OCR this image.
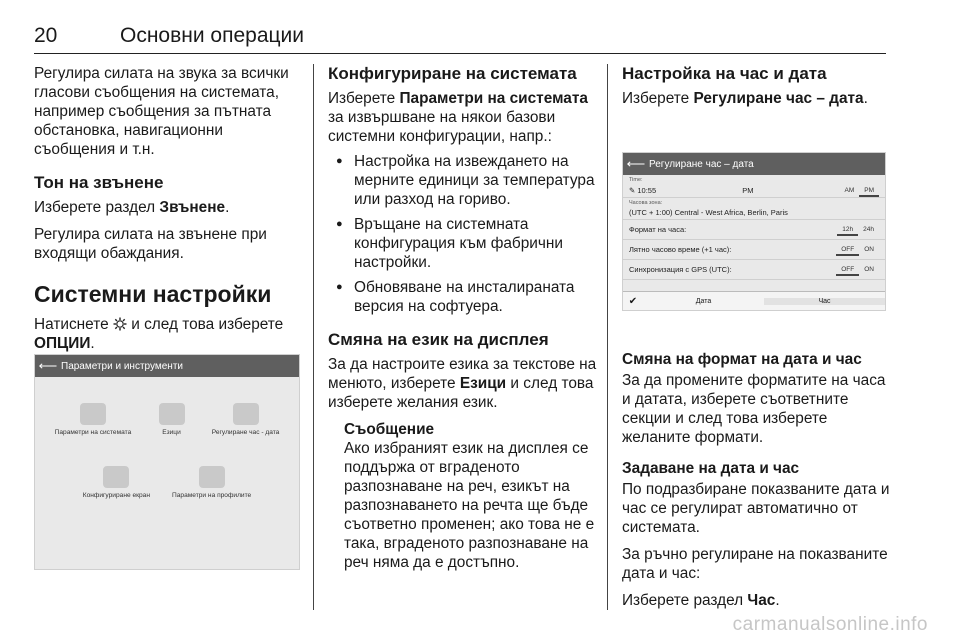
20	Основни операции

Регулира силата на звука за всички гласови съобщения на системата, например съобщения за пътната обстановка, навигационни съобщения и т.н.

Тон на звънене

Изберете раздел Звънене.

Регулира силата на звънене при входящи обаждания.

Системни настройки

Натиснете  и след това изберете ОПЦИИ.

⟵ Параметри и инструменти
Параметри на системата	Езици	Регулиране час - дата
Конфигуриране екран	Параметри на профилите

Конфигуриране на системата

Изберете Параметри на системата за извършване на някои базови системни конфигурации, напр.:

● Настройка на извеждането на мерните единици за температура или разход на гориво.
● Връщане на системната конфигурация към фабрични настройки.
● Обновяване на инсталираната версия на софтуера.

Смяна на език на дисплея

За да настроите езика за текстове на менюто, изберете Езици и след това изберете желания език.

Съобщение

Ако избраният език на дисплея се поддържа от вграденото разпознаване на реч, езикът на разпознаването на речта ще бъде съответно променен; ако това не е така, вграденото разпознаване на реч няма да е достъпно.

Настройка на час и дата

Изберете Регулиране час – дата.

Смяна на формат на дата и час

За да промените форматите на часа и датата, изберете съответните секции и след това изберете желаните формати.

Задаване на дата и час

По подразбиране показваните дата и час се регулират автоматично от системата.

За ръчно регулиране на показваните дата и час:

Изберете раздел Час.

⟵ Регулиране час – дата
Time:
✎ 10:55	PM	AM PM
Часова зона:
(UTC + 1:00) Central - West Africa, Berlin, Paris
Формат на часа:	12h 24h
Лятно часово време (+1 час):	OFF ON
Синхронизация с GPS (UTC):	OFF ON
✔	Дата	Час
carmanualsonline.info
